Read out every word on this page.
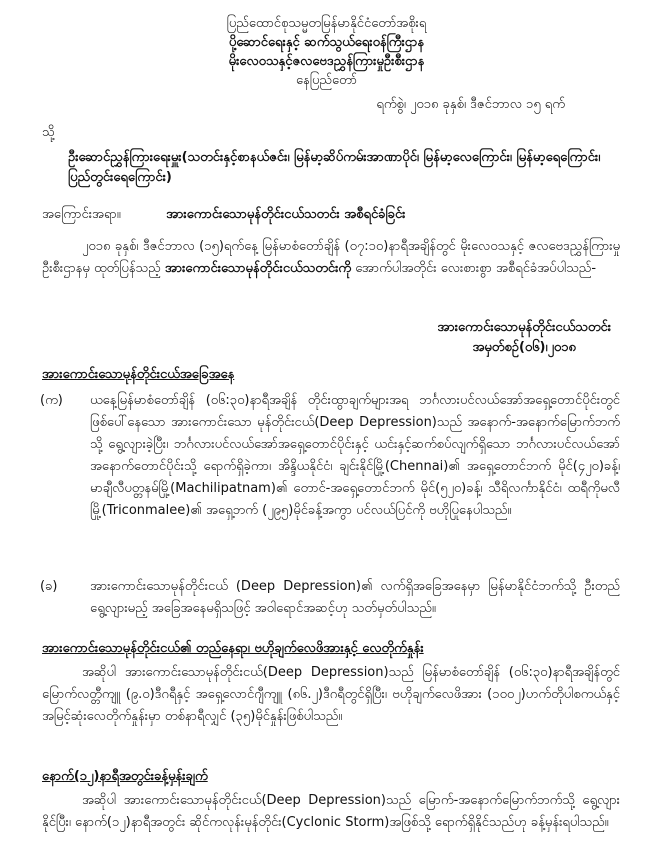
ပြည်ထောင်စုသမ္မတမြန်မာနိုင်ငံတော်အစိုးရ
ပို့ဆောင်ရေးနှင့် ဆက်သွယ်ရေးဝန်ကြီးဌာန
မိုးလေဝသနှင့်ဇလဗေဒညွှန်ကြားမှုဦးစီးဌာန
နေပြည်တော်
ရက်စွဲ၊ ၂၀၁၈ ခုနှစ်၊ ဒီဇင်ဘာလ ၁၅ ရက်
သို့
ဦးဆောင်ညွှန်ကြားရေးမှူး(သတင်းနှင့်စာနယ်ဇင်း၊ မြန်မာ့ဆိပ်ကမ်းအာဏာပိုင်၊ မြန်မာ့လေကြောင်း၊ မြန်မာ့ရေကြောင်း၊ ပြည်တွင်းရေကြောင်း)
အကြောင်းအရာ။	အားကောင်းသောမုန်တိုင်းငယ်သတင်း အစီရင်ခံခြင်း
၂၀၁၈ ခုနှစ်၊ ဒီဇင်ဘာလ (၁၅)ရက်နေ့ မြန်မာစံတော်ချိန် (၀၇:၁၀)နာရီအချိန်တွင် မိုးလေဝသနှင့် ဇလဗေဒညွှန်ကြားမှုဦးစီးဌာနမှ ထုတ်ပြန်သည့် အားကောင်းသောမုန်တိုင်းငယ်သတင်းကို အောက်ပါအတိုင်း လေးစားစွာ အစီရင်ခံအပ်ပါသည်-
အားကောင်းသောမုန်တိုင်းငယ်သတင်း
အမှတ်စဉ်(၀၆)၊၂၀၁၈
အားကောင်းသောမုန်တိုင်းငယ်အခြေအနေ
(က) ယနေ့မြန်မာစံတော်ချိန် (၀၆:၃၀)နာရီအချိန် တိုင်းထွာချက်များအရ ဘင်္ဂလားပင်လယ်အော်အရှေ့တောင်ပိုင်းတွင် ဖြစ်ပေါ်နေသော အားကောင်းသော မုန်တိုင်းငယ်(Deep Depression)သည် အနောက်-အနောက်မြောက်ဘက်သို့ ရွေ့လျားခဲ့ပြီး၊ ဘင်္ဂလားပင်လယ်အော်အရှေ့တောင်ပိုင်းနှင့် ယင်းနှင့်ဆက်စပ်လျက်ရှိသော ဘင်္ဂလားပင်လယ်အော်အနောက်တောင်ပိုင်းသို့ ရောက်ရှိခဲ့ကာ၊ အိန္ဒိယနိုင်ငံ၊ ချင်းနိုင်မြို့(Chennai)၏ အရှေ့တောင်ဘက် မိုင်(၄၂၀)ခန့်၊ မာချီလီပတ္တနမ်မြို့(Machilipatnam)၏ တောင်-အရှေ့တောင်ဘက် မိုင်(၅၂၀)ခန့်၊ သီရိလင်္ကာနိုင်ငံ၊ ထရီကိုမလီမြို့(Triconmalee)၏ အရှေ့ဘက် (၂၉၅)မိုင်ခန့်အကွာ ပင်လယ်ပြင်ကို ဗဟိုပြုနေပါသည်။
(ခ)	အားကောင်းသောမုန်တိုင်းငယ် (Deep Depression)၏ လက်ရှိအခြေအနေမှာ မြန်မာနိုင်ငံဘက်သို့ ဦးတည်ရွေ့လျားမည့် အခြေအနေမရှိသဖြင့် အဝါရောင်အဆင့်ဟု သတ်မှတ်ပါသည်။
အားကောင်းသောမုန်တိုင်းငယ်၏ တည်နေရာ၊ ဗဟိုချက်လေဖိအားနှင့် လေတိုက်နှုန်း
အဆိုပါ အားကောင်းသောမုန်တိုင်းငယ်(Deep Depression)သည် မြန်မာစံတော်ချိန် (၀၆:၃၀)နာရီအချိန်တွင် မြောက်လတ္တီကျူ (၉.၀)ဒီဂရီနှင့် အရှေ့လောင်ဂျီကျူ (၈၆.၂)ဒီဂရီတွင်ရှိပြီး၊ ဗဟိုချက်လေဖိအား (၁၀၀၂)ဟက်တိုပါစကယ်နှင့် အမြင့်ဆုံးလေတိုက်နှုန်းမှာ တစ်နာရီလျှင် (၃၅)မိုင်နှုန်းဖြစ်ပါသည်။
နောက်(၁၂)နာရီအတွင်းခန့်မှန်းချက်
အဆိုပါ အားကောင်းသောမုန်တိုင်းငယ်(Deep Depression)သည် မြောက်-အနောက်မြောက်ဘက်သို့ ရွေ့လျားနိုင်ပြီး၊ နောက်(၁၂)နာရီအတွင်း ဆိုင်ကလုန်းမုန်တိုင်း(Cyclonic Storm)အဖြစ်သို့ ရောက်ရှိနိုင်သည်ဟု ခန့်မှန်းရပါသည်။
